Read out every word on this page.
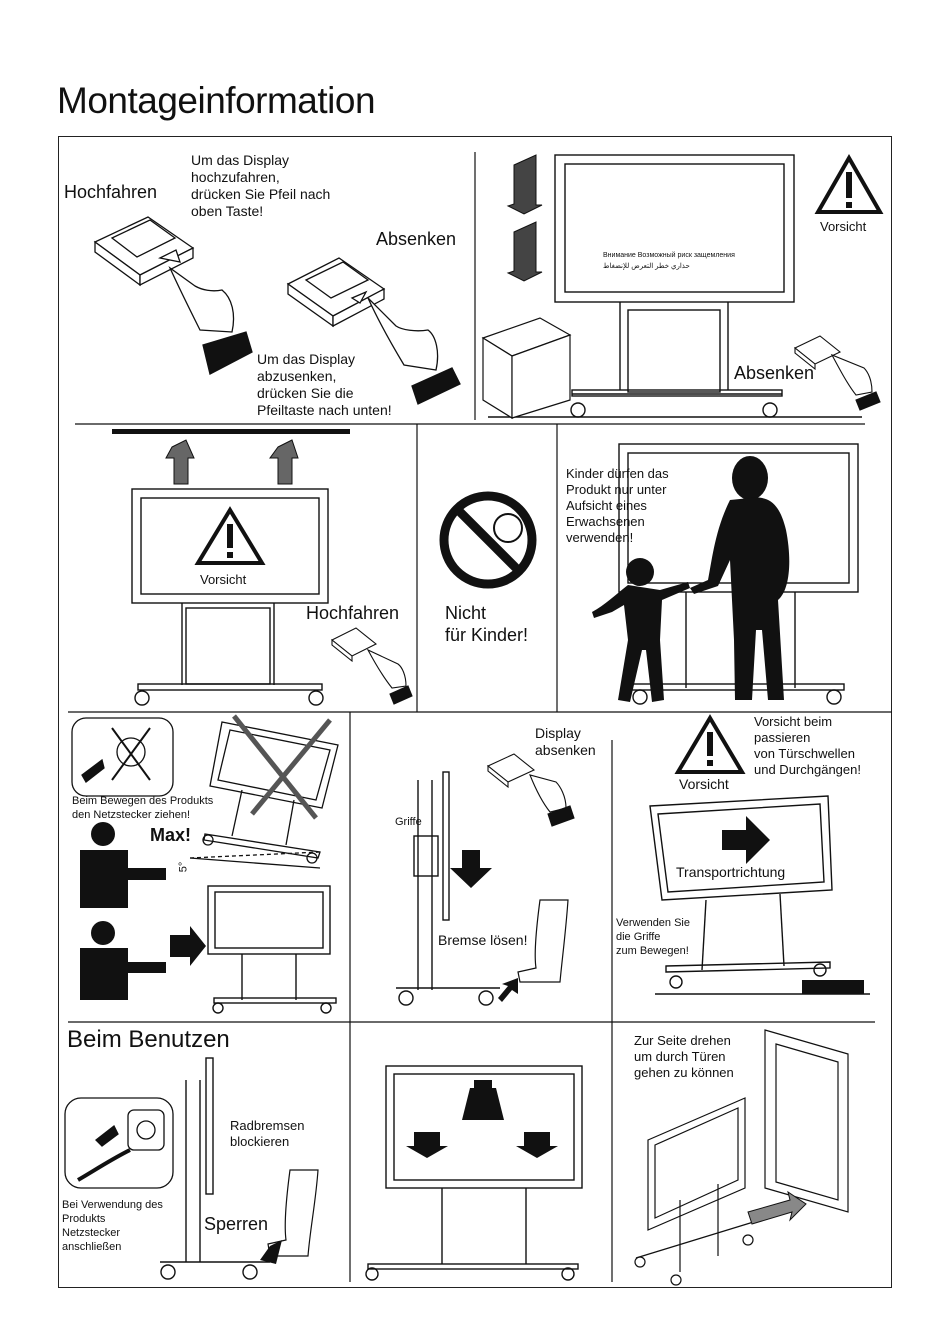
Montageinformation
Hochfahren
Um das Display
hochzufahren,
drücken Sie Pfeil nach
oben Taste!
Absenken
Um das Display
abzusenken,
drücken Sie die
Pfeiltaste nach unten!
Vorsicht
Внимание Возможный риск защемления
حذاري خطر التعرض للإنضغاط
Absenken
Vorsicht
Hochfahren
0-6
Nicht
für Kinder!
Kinder dürfen das
Produkt nur unter
Aufsicht eines
Erwachsenen
verwenden!
Beim Bewegen des Produkts
den Netzstecker ziehen!
Max!
5°
Display
absenken
Griffe
Bremse lösen!
Vorsicht beim
passieren
von Türschwellen
und Durchgängen!
Vorsicht
Transportrichtung
Verwenden Sie
die Griffe
zum Bewegen!
Beim Benutzen
Bei Verwendung des
Produkts
Netzstecker
anschließen
Radbremsen
blockieren
Sperren
Zur Seite drehen
um durch Türen
gehen zu können
